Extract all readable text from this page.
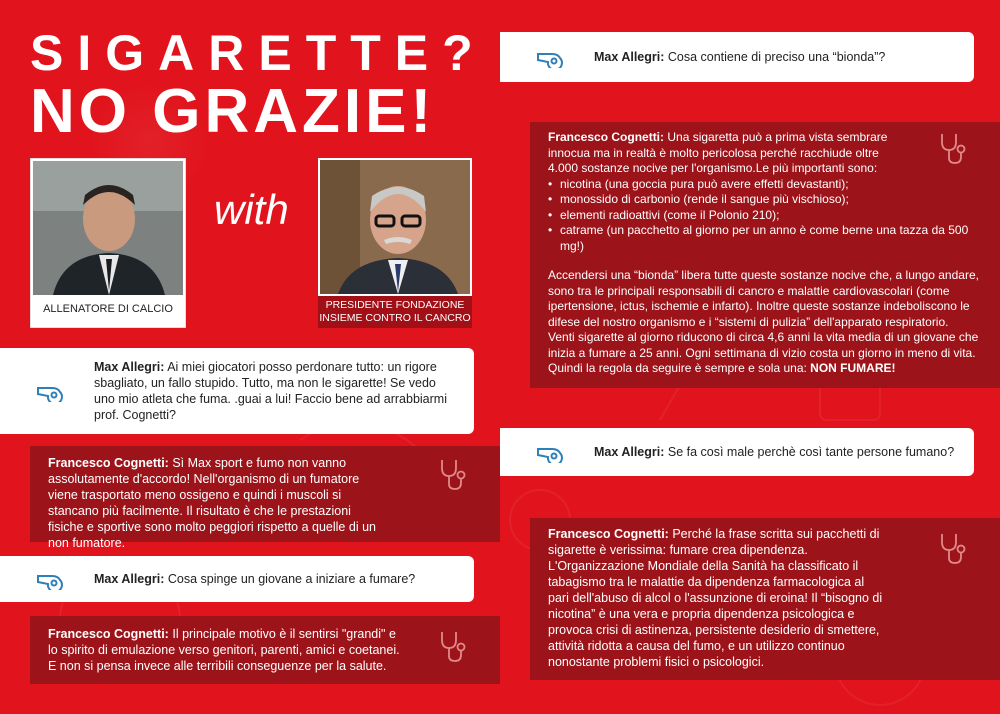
SIGARETTE?
NO GRAZIE!
ALLENATORE DI CALCIO
with
PRESIDENTE FONDAZIONE
INSIEME CONTRO IL CANCRO
Max Allegri: Ai miei giocatori posso perdonare tutto: un rigore sbagliato, un fallo stupido. Tutto, ma non le sigarette! Se vedo uno mio atleta che fuma. .guai a lui! Faccio bene ad arrabbiarmi prof. Cognetti?
Francesco Cognetti: Sì Max sport e fumo non vanno assolutamente d'accordo! Nell'organismo di un fumatore viene trasportato meno ossigeno e quindi i muscoli si stancano più facilmente. Il risultato è che le prestazioni fisiche e sportive sono molto peggiori rispetto a quelle di un non fumatore.
Max Allegri: Cosa spinge un giovane a iniziare a fumare?
Francesco Cognetti: Il principale motivo è il sentirsi "grandi" e lo spirito di emulazione verso genitori, parenti, amici e coetanei. E non si pensa invece alle terribili conseguenze per la salute.
Max Allegri: Cosa contiene di preciso una “bionda”?
Francesco Cognetti: Una sigaretta può a prima vista sembrare innocua ma in realtà è molto pericolosa perché racchiude oltre 4.000 sostanze nocive per l'organismo.Le più importanti sono:
• nicotina (una goccia pura può avere effetti devastanti);
• monossido di carbonio (rende il sangue più vischioso);
• elementi radioattivi (come il Polonio 210);
• catrame (un pacchetto al giorno per un anno è come berne una tazza da 500 mg!)
Accendersi una “bionda” libera tutte queste sostanze nocive che, a lungo andare, sono tra le principali responsabili di cancro e malattie cardiovascolari (come ipertensione, ictus, ischemie e infarto). Inoltre queste sostanze indeboliscono le difese del nostro organismo e i “sistemi di pulizia” dell'apparato respiratorio.
Venti sigarette al giorno riducono di circa 4,6 anni la vita media di un giovane che inizia a fumare a 25 anni. Ogni settimana di vizio costa un giorno in meno di vita. Quindi la regola da seguire è sempre e sola una: NON FUMARE!
Max Allegri: Se fa così male perchè così tante persone fumano?
Francesco Cognetti: Perché la frase scritta sui pacchetti di sigarette è verissima: fumare crea dipendenza. L'Organizzazione Mondiale della Sanità ha classificato il tabagismo tra le malattie da dipendenza farmacologica al pari dell'abuso di alcol o l'assunzione di eroina! Il “bisogno di nicotina” è una vera e propria dipendenza psicologica e provoca crisi di astinenza, persistente desiderio di smettere, attività ridotta a causa del fumo, e un utilizzo continuo nonostante problemi fisici o psicologici.
